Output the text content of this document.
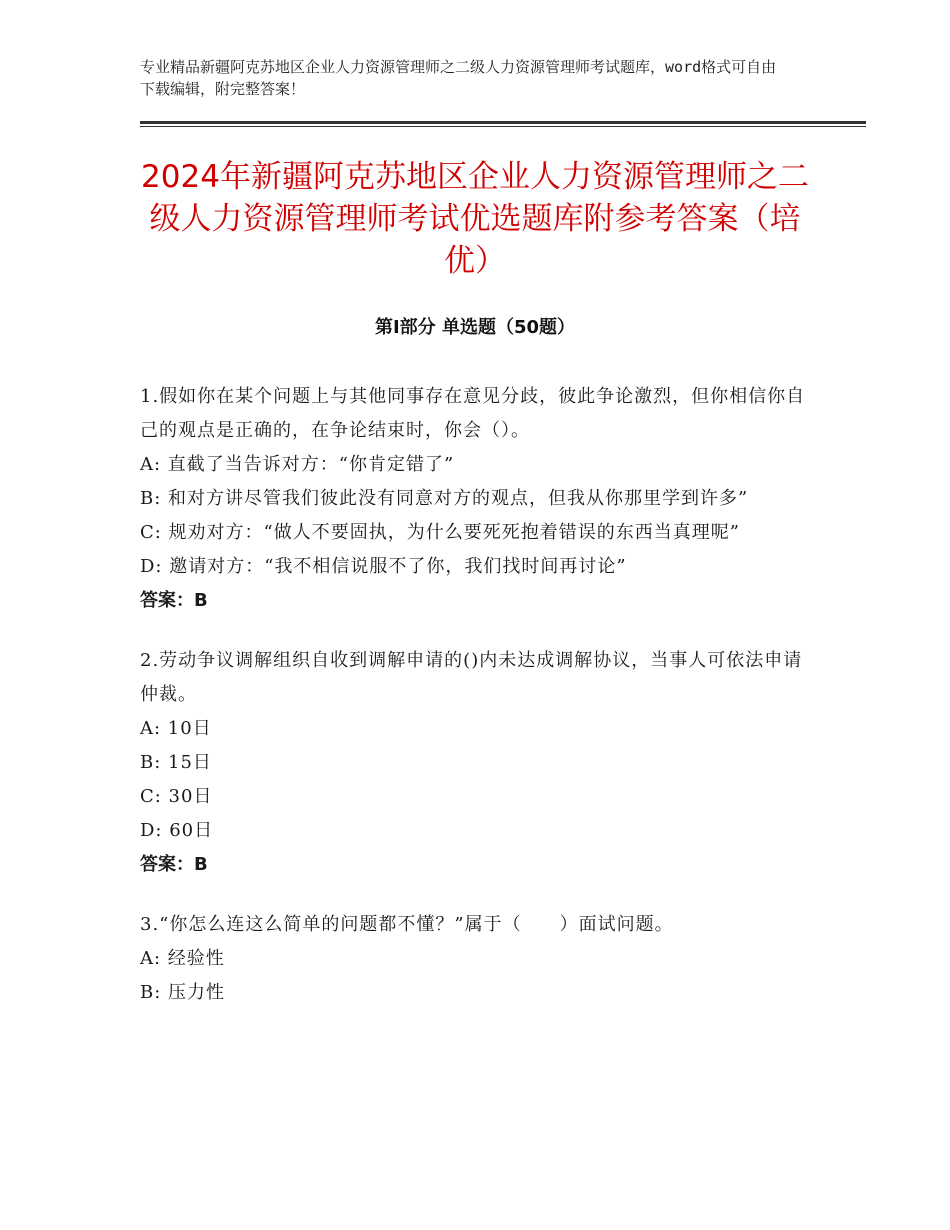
专业精品新疆阿克苏地区企业人力资源管理师之二级人力资源管理师考试题库，word格式可自由下载编辑，附完整答案！
2024年新疆阿克苏地区企业人力资源管理师之二级人力资源管理师考试优选题库附参考答案（培优）
第Ⅰ部分 单选题（50题）

1.假如你在某个问题上与其他同事存在意见分歧，彼此争论激烈，但你相信你自己的观点是正确的，在争论结束时，你会（）。

A: 直截了当告诉对方：“你肯定错了”

B: 和对方讲尽管我们彼此没有同意对方的观点，但我从你那里学到许多”

C: 规劝对方：“做人不要固执，为什么要死死抱着错误的东西当真理呢”

D: 邀请对方：“我不相信说服不了你，我们找时间再讨论”

答案：B

2.劳动争议调解组织自收到调解申请的()内未达成调解协议，当事人可依法申请仲裁。

A: 10日

B: 15日

C: 30日

D: 60日

答案：B

3.“你怎么连这么简单的问题都不懂？”属于（　　）面试问题。

A: 经验性

B: 压力性
